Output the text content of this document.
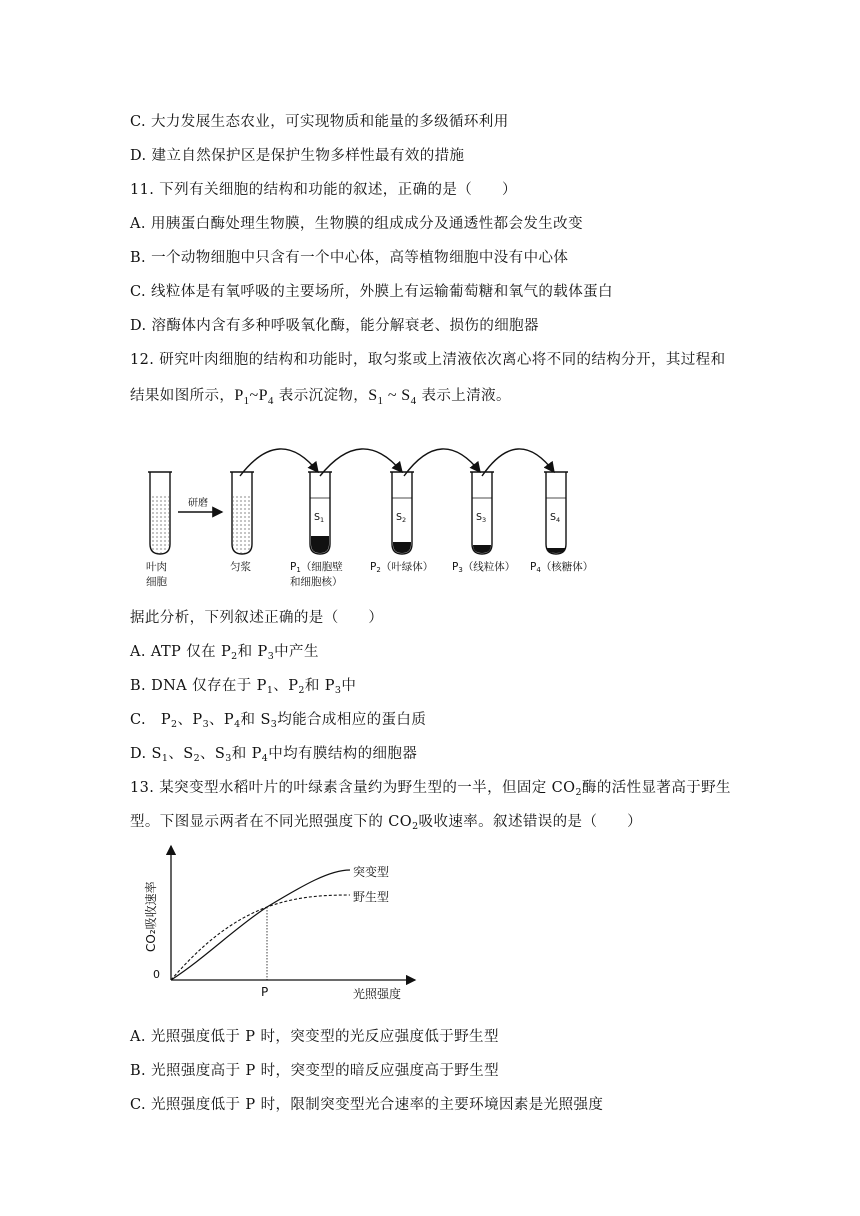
C. 大力发展生态农业，可实现物质和能量的多级循环利用
D. 建立自然保护区是保护生物多样性最有效的措施
11. 下列有关细胞的结构和功能的叙述，正确的是（　　）
A. 用胰蛋白酶处理生物膜，生物膜的组成成分及通透性都会发生改变
B. 一个动物细胞中只含有一个中心体，高等植物细胞中没有中心体
C. 线粒体是有氧呼吸的主要场所，外膜上有运输葡萄糖和氧气的载体蛋白
D. 溶酶体内含有多种呼吸氧化酶，能分解衰老、损伤的细胞器
12. 研究叶肉细胞的结构和功能时，取匀浆或上清液依次离心将不同的结构分开，其过程和
结果如图所示，$P_1\sim P_4$ 表示沉淀物，$S_1$ ~ $S_4$ 表示上清液。
研磨
$S_1$	$S_2$	$S_3$	$S_4$
叶肉
细胞
匀浆	P1（细胞壁
和细胞核）
P2（叶绿体） P3（线粒体） P4（核糖体）
据此分析，下列叙述正确的是（　　）
A. ATP 仅在 $P_2$和 $P_3$中产生
B. DNA 仅存在于 $P_1$、$P_2$和 $P_3$中
C.　$P_2$、$P_3$、$P_4$和 $S_3$均能合成相应的蛋白质
D. $S_1$、$S_2$、$S_3$和 $P_4$中均有膜结构的细胞器
13. 某突变型水稻叶片的叶绿素含量约为野生型的一半，但固定 $CO_2$酶的活性显著高于野生
型。下图显示两者在不同光照强度下的 $CO_2$吸收速率。叙述错误的是（　　）
CO₂吸收速率
0
P	光照强度
突变型
野生型
A. 光照强度低于 P 时，突变型的光反应强度低于野生型
B. 光照强度高于 P 时，突变型的暗反应强度高于野生型
C. 光照强度低于 P 时，限制突变型光合速率的主要环境因素是光照强度
